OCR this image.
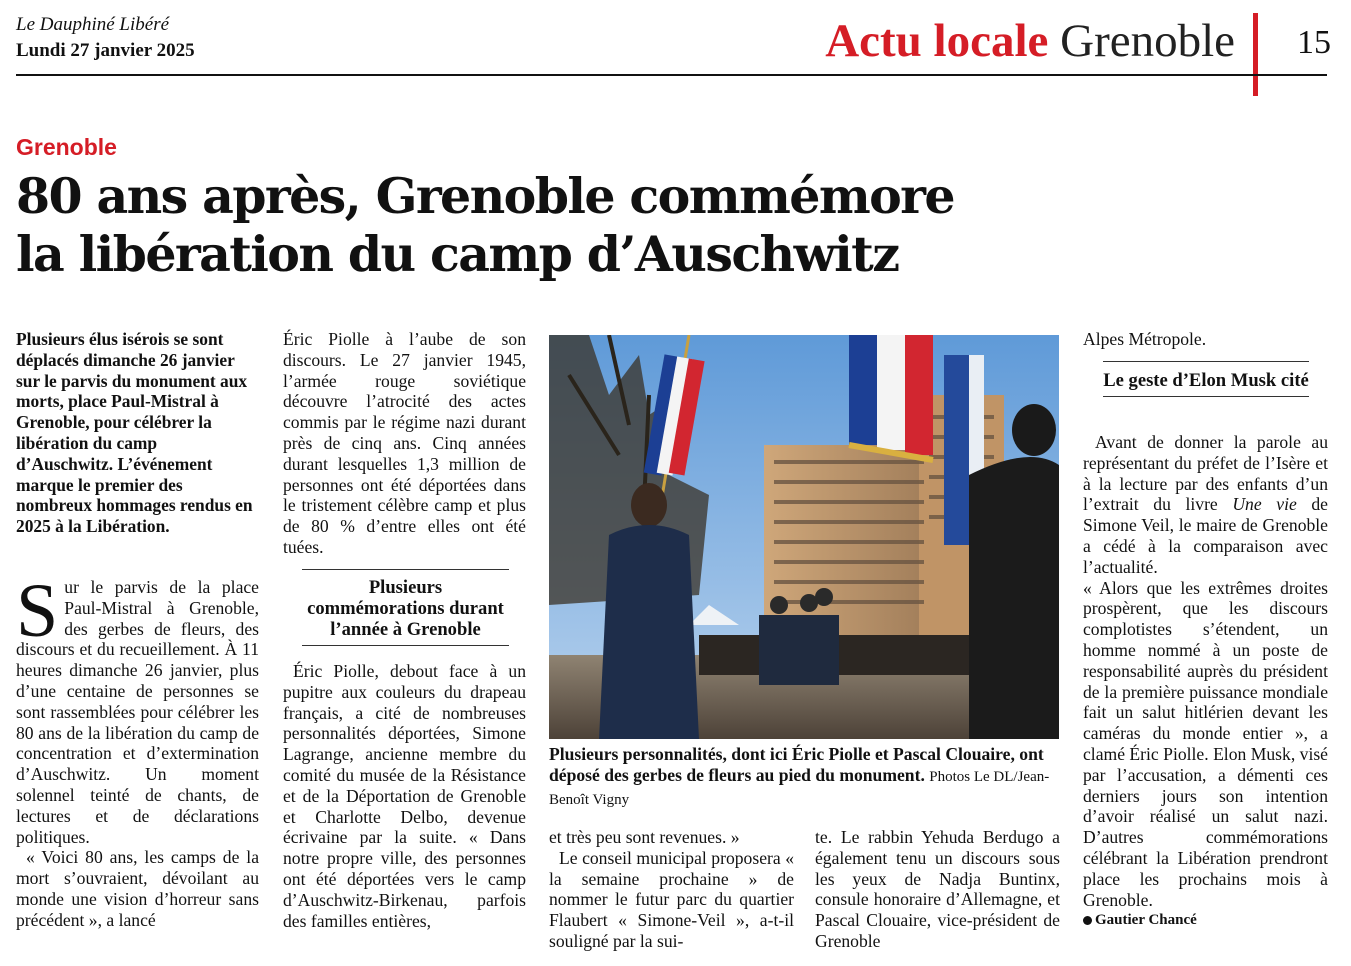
Le Dauphiné Libéré
Lundi 27 janvier 2025	Actu locale Grenoble 15
Grenoble
80 ans après, Grenoble commémore
la libération du camp d’Auschwitz
Plusieurs élus isérois se sont déplacés dimanche 26 janvier sur le parvis du monument aux morts, place Paul-Mistral à Grenoble, pour célébrer la libération du camp d’Auschwitz. L’événement marque le premier des nombreux hommages rendus en 2025 à la Libération.

Sur le parvis de la place Paul-Mistral à Grenoble, des gerbes de fleurs, des discours et du recueillement. À 11 heures dimanche 26 janvier, plus d’une centaine de personnes se sont rassemblées pour célébrer les 80 ans de la libération du camp de concentration et d’extermination d’Auschwitz. Un moment solennel teinté de chants, de lectures et de déclarations politiques.

« Voici 80 ans, les camps de la mort s’ouvraient, dévoilant au monde une vision d’horreur sans précédent », a lancé

Éric Piolle à l’aube de son discours. Le 27 janvier 1945, l’armée rouge soviétique découvre l’atrocité des actes commis par le régime nazi durant près de cinq ans. Cinq années durant lesquelles 1,3 million de personnes ont été déportées dans le tristement célèbre camp et plus de 80 % d’entre elles ont été tuées.
Plusieurs commémorations durant l’année à Grenoble

Éric Piolle, debout face à un pupitre aux couleurs du drapeau français, a cité de nombreuses personnalités déportées, Simone Lagrange, ancienne membre du comité du musée de la Résistance et de la Déportation de Grenoble et Charlotte Delbo, devenue écrivaine par la suite. « Dans notre propre ville, des personnes ont été déportées vers le camp d’Auschwitz-Birkenau, parfois des familles entières,

Plusieurs personnalités, dont ici Éric Piolle et Pascal Clouaire, ont déposé des gerbes de fleurs au pied du monument. Photos Le DL/Jean-Benoît Vigny

et très peu sont revenues. »

Le conseil municipal proposera « la semaine prochaine » de nommer le futur parc du quartier Flaubert « Simone-Veil », a-t-il souligné par la sui-

te. Le rabbin Yehuda Berdugo a également tenu un discours sous les yeux de Nadja Buntinx, consule honoraire d’Allemagne, et Pascal Clouaire, vice-président de Grenoble
Alpes Métropole.
Le geste d’Elon Musk cité

Avant de donner la parole au représentant du préfet de l’Isère et à la lecture par des enfants d’un l’extrait du livre Une vie de Simone Veil, le maire de Grenoble a cédé à la comparaison avec l’actualité.

« Alors que les extrêmes droites prospèrent, que les discours complotistes s’étendent, un homme nommé à un poste de responsabilité auprès du président de la première puissance mondiale fait un salut hitlérien devant les caméras du monde entier », a clamé Éric Piolle. Elon Musk, visé par l’accusation, a démenti ces derniers jours son intention d’avoir réalisé un salut nazi. D’autres commémorations célébrant la Libération prendront place les prochains mois à Grenoble.

Gautier Chancé
